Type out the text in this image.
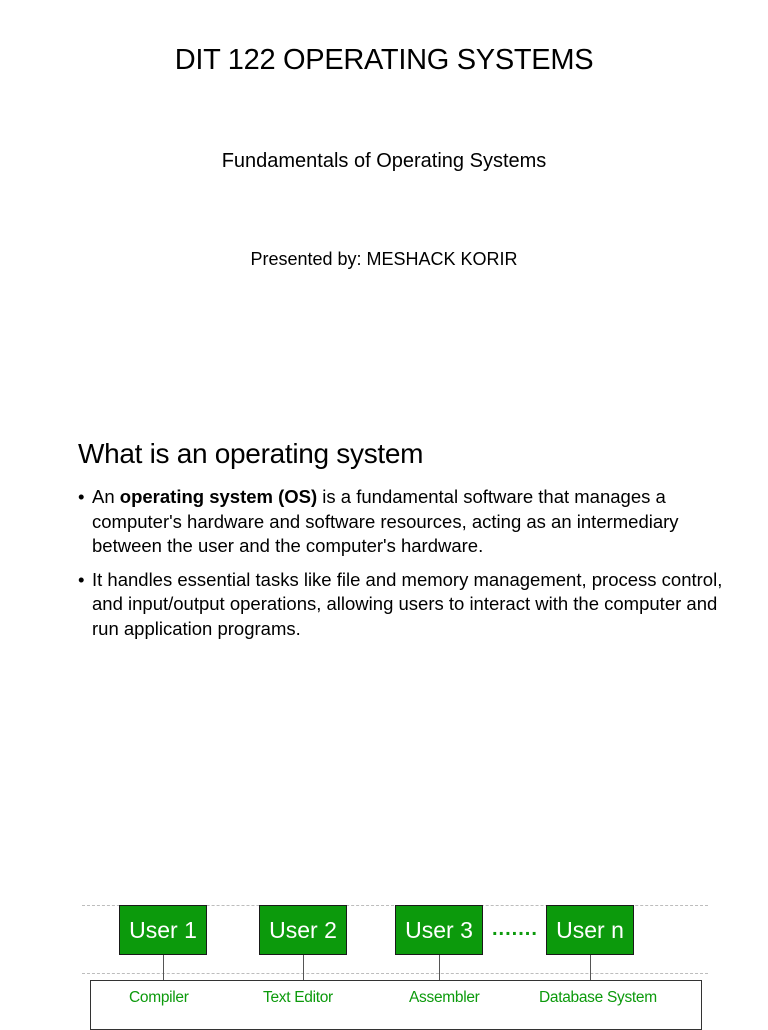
DIT 122 OPERATING SYSTEMS
Fundamentals of Operating Systems
Presented by: MESHACK KORIR
What is an operating system
• An operating system (OS) is a fundamental software that manages a computer's hardware and software resources, acting as an intermediary between the user and the computer's hardware.
• It handles essential tasks like file and memory management, process control, and input/output operations, allowing users to interact with the computer and run application programs.
User 1	User 2	User 3 ....... User n
Compiler	Text Editor	Assembler	Database System
